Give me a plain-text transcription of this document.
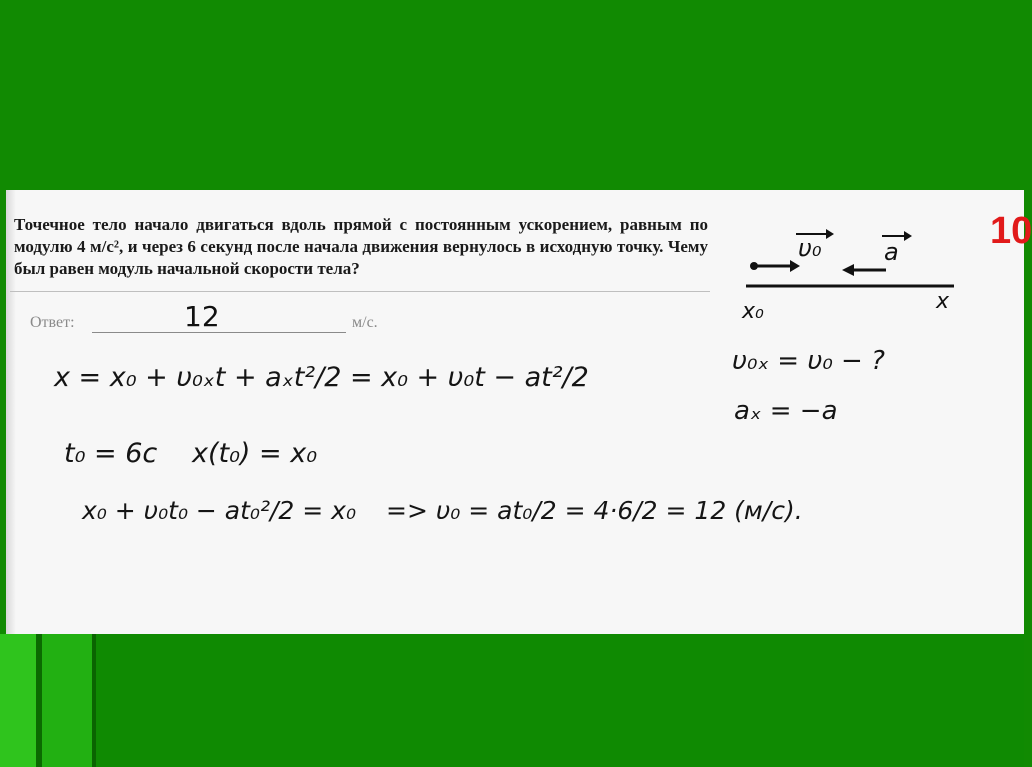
Точечное тело начало двигаться вдоль прямой с постоянным ускорением, равным по модулю 4 м/с², и через 6 секунд после начала движения вернулось в исходную точку. Чему был равен модуль начальной скорости тела?
10
Ответ:	12	м/с.
x = x₀ + υ₀ₓt + aₓt²/2 = x₀ + υ₀t − at²/2
t₀ = 6c x(t₀) = x₀
x₀ + υ₀t₀ − at₀²/2 = x₀ => υ₀ = at₀/2 = 4·6/2 = 12 (м/с).
υ₀	a
x₀	x
υ₀ₓ = υ₀ − ?
aₓ = −a
